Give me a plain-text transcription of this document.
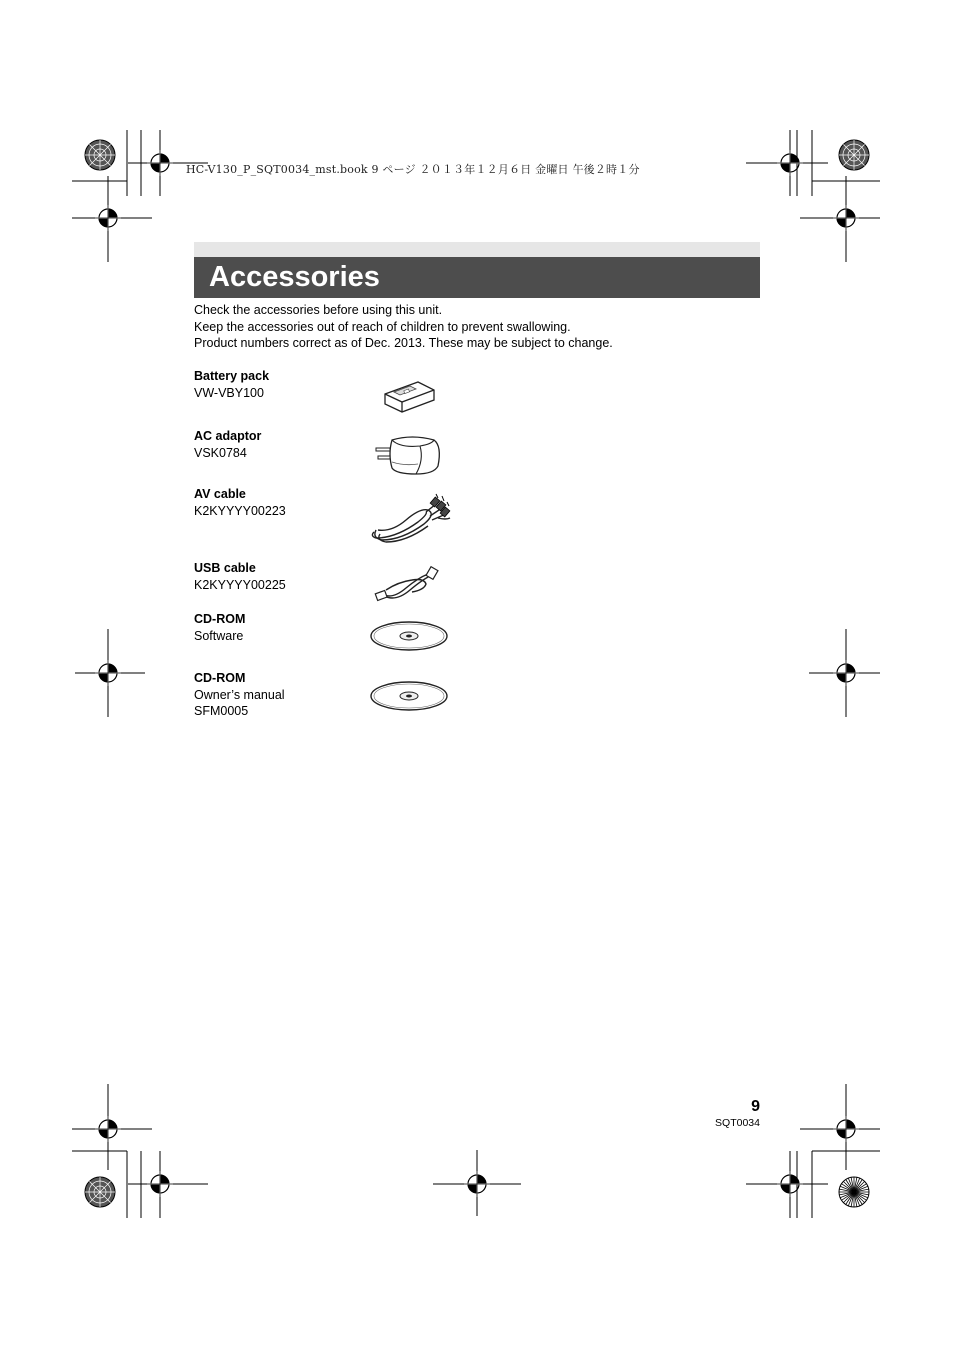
HC-V130_P_SQT0034_mst.book 9 ページ ２０１３年１２月６日 金曜日 午後２時１分
Accessories
Check the accessories before using this unit.
Keep the accessories out of reach of children to prevent swallowing.
Product numbers correct as of Dec. 2013. These may be subject to change.
Battery pack
VW-VBY100
AC adaptor
VSK0784
AV cable
K2KYYYY00223
USB cable
K2KYYYY00225
CD-ROM
Software
CD-ROM
Owner’s manual
SFM0005
9
SQT0034
